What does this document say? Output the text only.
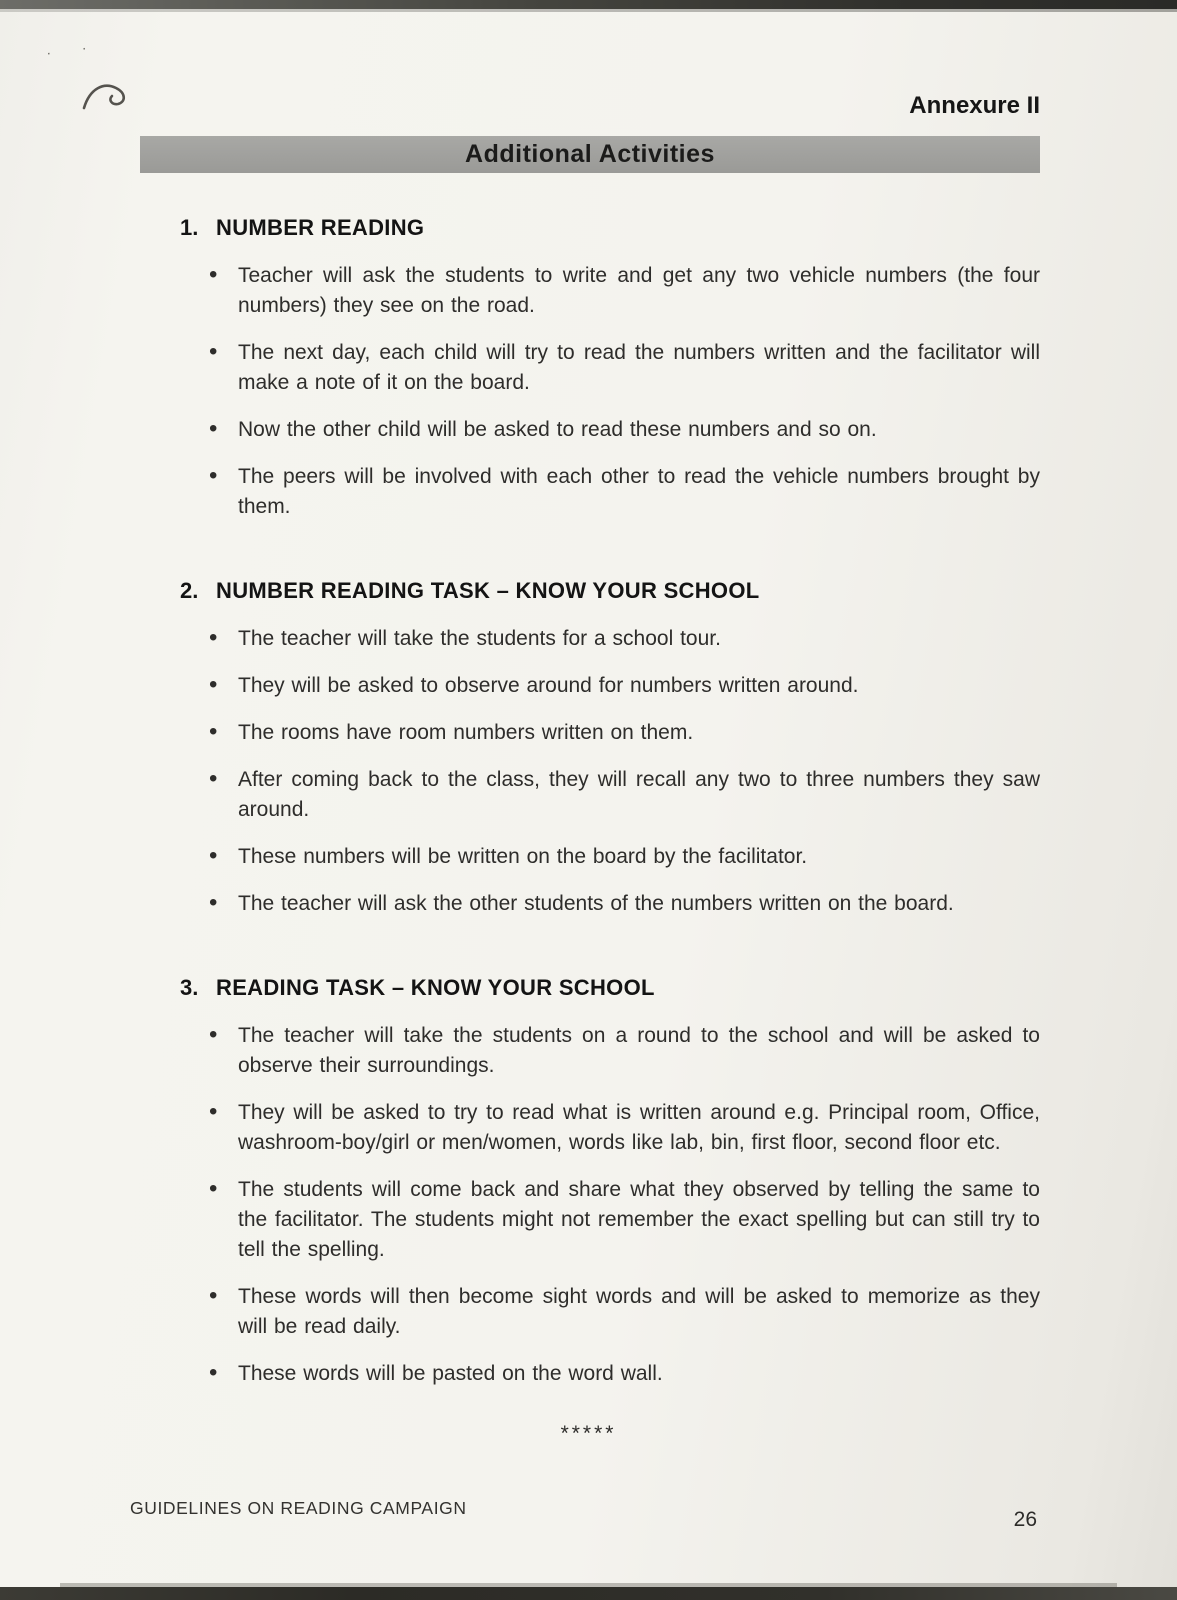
. .
Annexure II
Additional Activities
1. NUMBER READING
• Teacher will ask the students to write and get any two vehicle numbers (the four numbers) they see on the road.
• The next day, each child will try to read the numbers written and the facilitator will make a note of it on the board.
• Now the other child will be asked to read these numbers and so on.
• The peers will be involved with each other to read the vehicle numbers brought by them.
2. NUMBER READING TASK – KNOW YOUR SCHOOL
• The teacher will take the students for a school tour.
• They will be asked to observe around for numbers written around.
• The rooms have room numbers written on them.
• After coming back to the class, they will recall any two to three numbers they saw around.
• These numbers will be written on the board by the facilitator.
• The teacher will ask the other students of the numbers written on the board.
3. READING TASK – KNOW YOUR SCHOOL
• The teacher will take the students on a round to the school and will be asked to observe their surroundings.
• They will be asked to try to read what is written around e.g. Principal room, Office, washroom-boy/girl or men/women, words like lab, bin, first floor, second floor etc.
• The students will come back and share what they observed by telling the same to the facilitator. The students might not remember the exact spelling but can still try to tell the spelling.
• These words will then become sight words and will be asked to memorize as they will be read daily.
• These words will be pasted on the word wall.
*****
GUIDELINES ON READING CAMPAIGN	26
